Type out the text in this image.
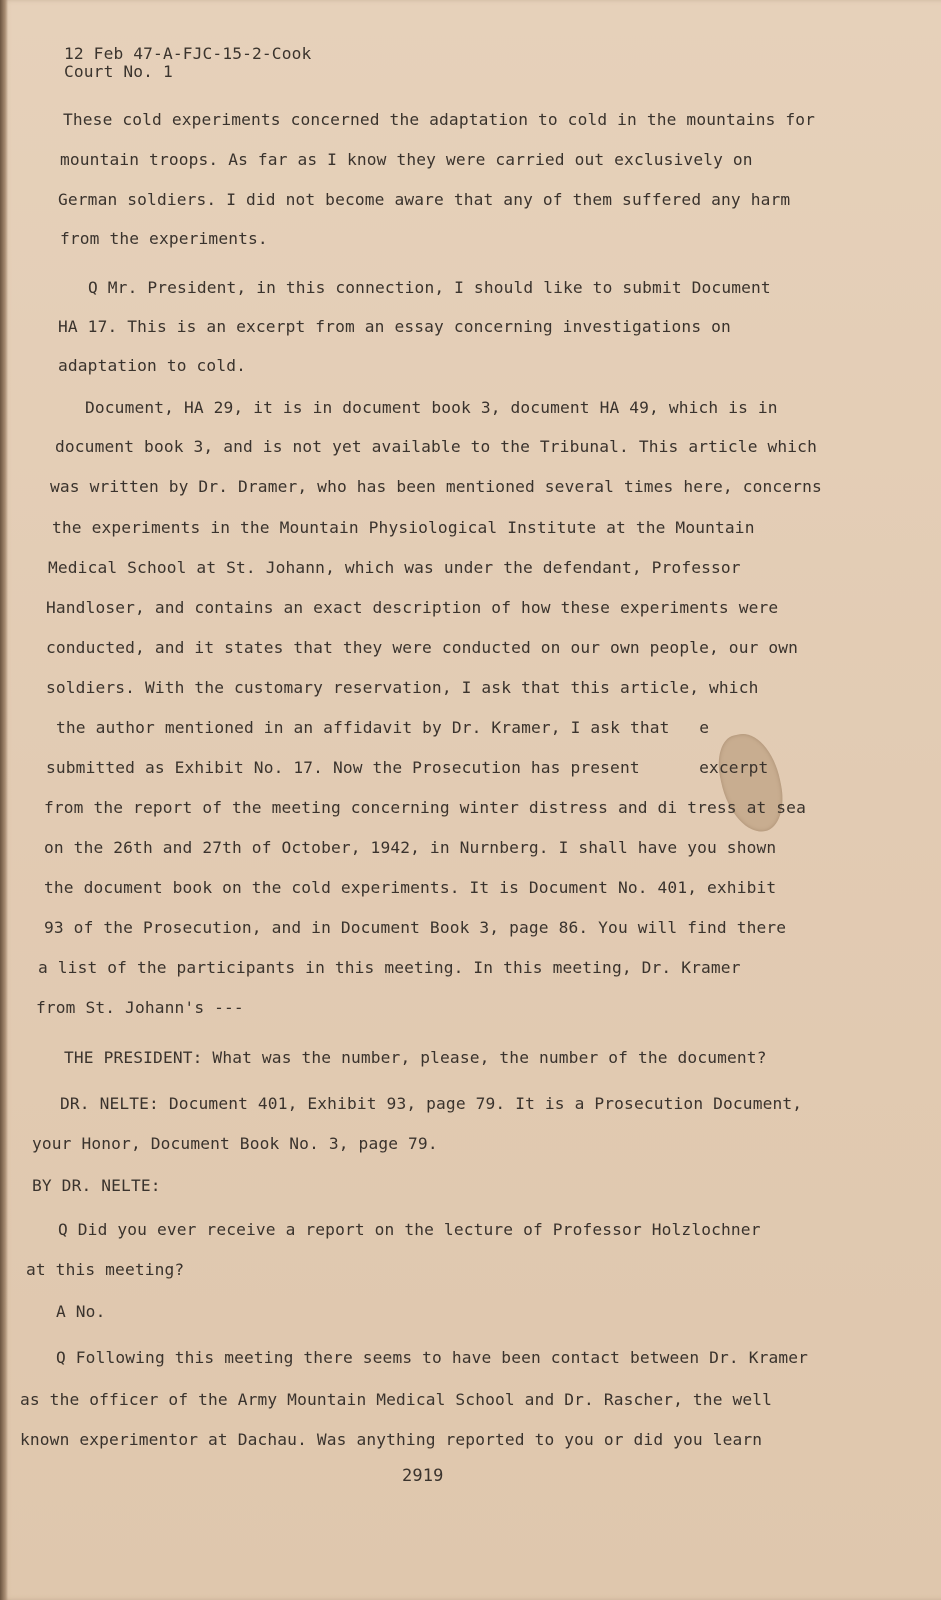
12 Feb 47-A-FJC-15-2-Cook
Court No. 1
These cold experiments concerned the adaptation to cold in the mountains for
mountain troops. As far as I know they were carried out exclusively on
German soldiers. I did not become aware that any of them suffered any harm
from the experiments.
Q Mr. President, in this connection, I should like to submit Document
HA 17. This is an excerpt from an essay concerning investigations on
adaptation to cold.
Document, HA 29, it is in document book 3, document HA 49, which is in
document book 3, and is not yet available to the Tribunal. This article which
was written by Dr. Dramer, who has been mentioned several times here, concerns
the experiments in the Mountain Physiological Institute at the Mountain
Medical School at St. Johann, which was under the defendant, Professor
Handloser, and contains an exact description of how these experiments were
conducted, and it states that they were conducted on our own people, our own
soldiers. With the customary reservation, I ask that this article, which
the author mentioned in an affidavit by Dr. Kramer, I ask that   e
submitted as Exhibit No. 17. Now the Prosecution has present      excerpt
from the report of the meeting concerning winter distress and di tress at sea
on the 26th and 27th of October, 1942, in Nurnberg. I shall have you shown
the document book on the cold experiments. It is Document No. 401, exhibit
93 of the Prosecution, and in Document Book 3, page 86. You will find there
a list of the participants in this meeting. In this meeting, Dr. Kramer
from St. Johann's ---
THE PRESIDENT: What was the number, please, the number of the document?
DR. NELTE: Document 401, Exhibit 93, page 79. It is a Prosecution Document,
your Honor, Document Book No. 3, page 79.
BY DR. NELTE:
Q Did you ever receive a report on the lecture of Professor Holzlochner
at this meeting?
A No.
Q Following this meeting there seems to have been contact between Dr. Kramer
as the officer of the Army Mountain Medical School and Dr. Rascher, the well
known experimentor at Dachau. Was anything reported to you or did you learn
2919
